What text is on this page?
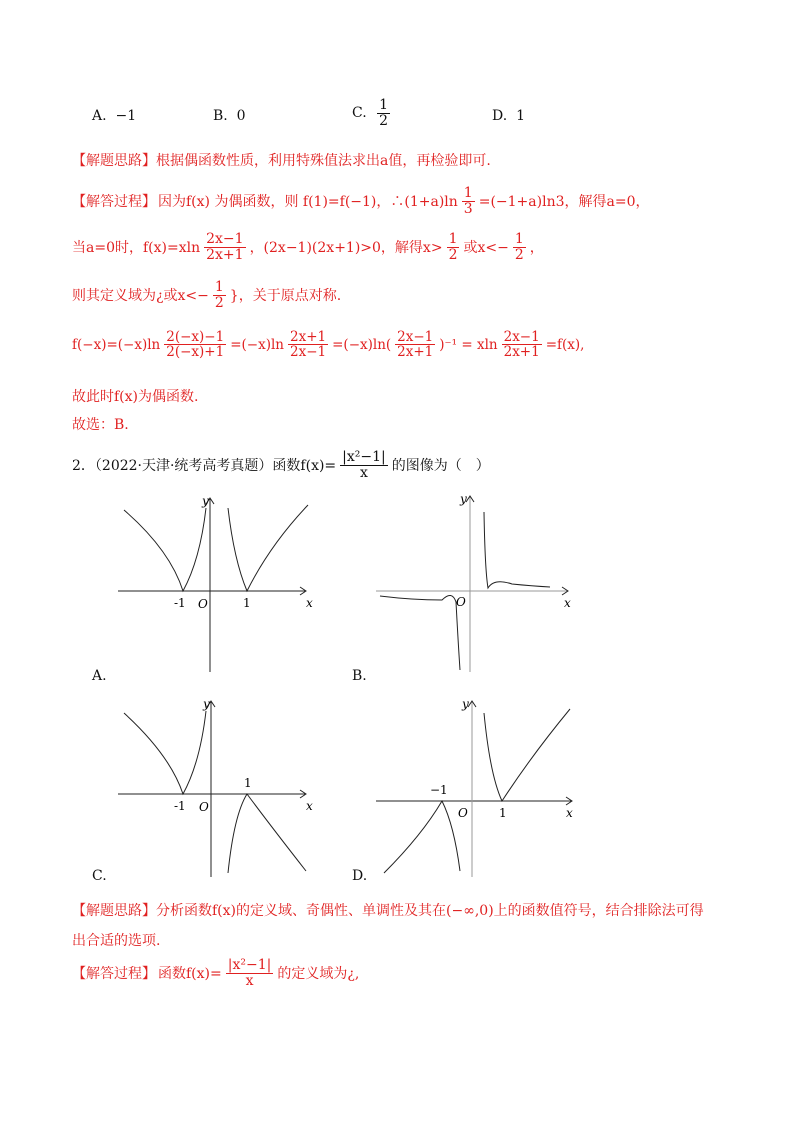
A. −1	B. 0	C.
$\frac{1}{2}$	D. 1
【解题思路】根据偶函数性质，利用特殊值法求出a值，再检验即可.
【解答过程】 因为f(x) 为偶函数，则 f(1)=f(−1)，∴(1+a)ln $\frac{1}{3} =(-1+a)\ln 3$，解得a=0，
当a=0时，$f(x)=xln \frac{2x-1}{2x+1}$ ，(2x−1)(2x+1)>0，解得$x> \frac{1}{2}$ 或$x<- \frac{1}{2}$ ，
则其定义域为¿或$x<- \frac{1}{2}$ }，关于原点对称.
$f(-x)=(-x)\ln \frac{2(-x)-1}{2(-x)+1} =(-x)\ln \frac{2x+1}{2x-1} =(-x)\ln( \frac{2x-1}{2x+1} )^{-1} = xln \frac{2x-1}{2x+1} =f(x)$,
故此时f(x)为偶函数.
故选：B.
2．（2022·天津·统考高考真题）函数$f(x)= \frac{\text{|x²−1|}}{x}$ 的图像为（　）
y
x
O
-1	1
A.
y
x
O
B.
y
x
O
-1
1
C.
y
x
O
−1
1
D.
【解题思路】分析函数f(x)的定义域、奇偶性、单调性及其在(−∞,0)上的函数值符号，结合排除法可得
出合适的选项.
【解答过程】 函数$f(x)= \frac{\text{|x²−1|}}{x}$ 的定义域为¿,
